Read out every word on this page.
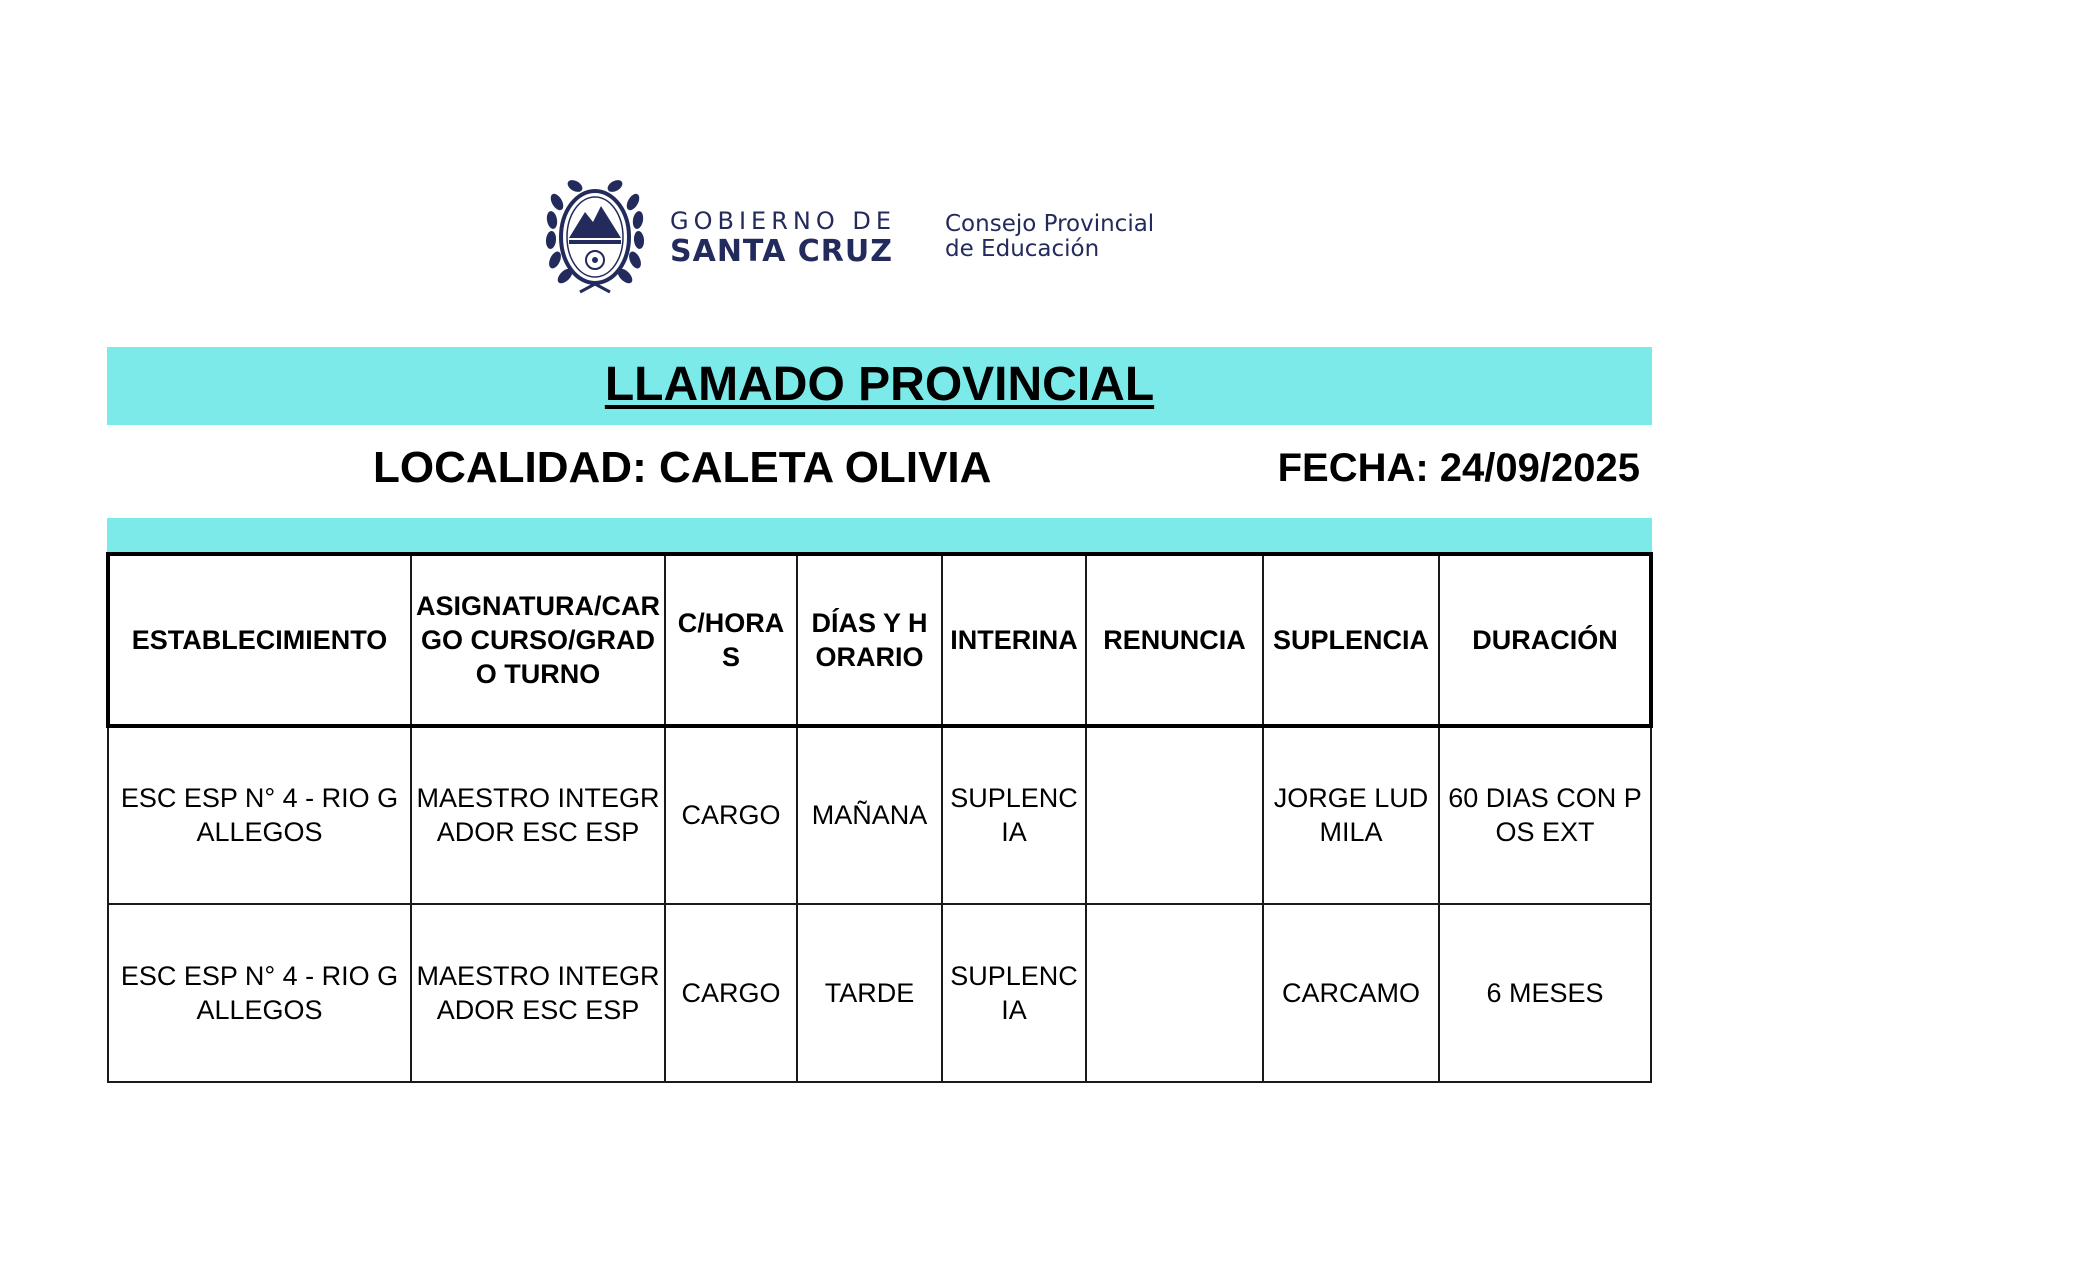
GOBIERNO DE
SANTA CRUZ
Consejo Provincial
de Educación
LLAMADO PROVINCIAL
LOCALIDAD: CALETA OLIVIA	FECHA: 24/09/2025
ESTABLECIMIENTO	ASIGNATURA/CARGO CURSO/GRADO TURNO	C/HORAS	DÍAS Y HORARIO	INTERINA	RENUNCIA	SUPLENCIA	DURACIÓN
ESC ESP N° 4 - RIO GALLEGOS	MAESTRO INTEGRADOR ESC ESP	CARGO	MAÑANA	SUPLENCIA		JORGE LUDMILA	60 DIAS CON POS EXT
ESC ESP N° 4 - RIO GALLEGOS	MAESTRO INTEGRADOR ESC ESP	CARGO	TARDE	SUPLENCIA		CARCAMO	6 MESES
